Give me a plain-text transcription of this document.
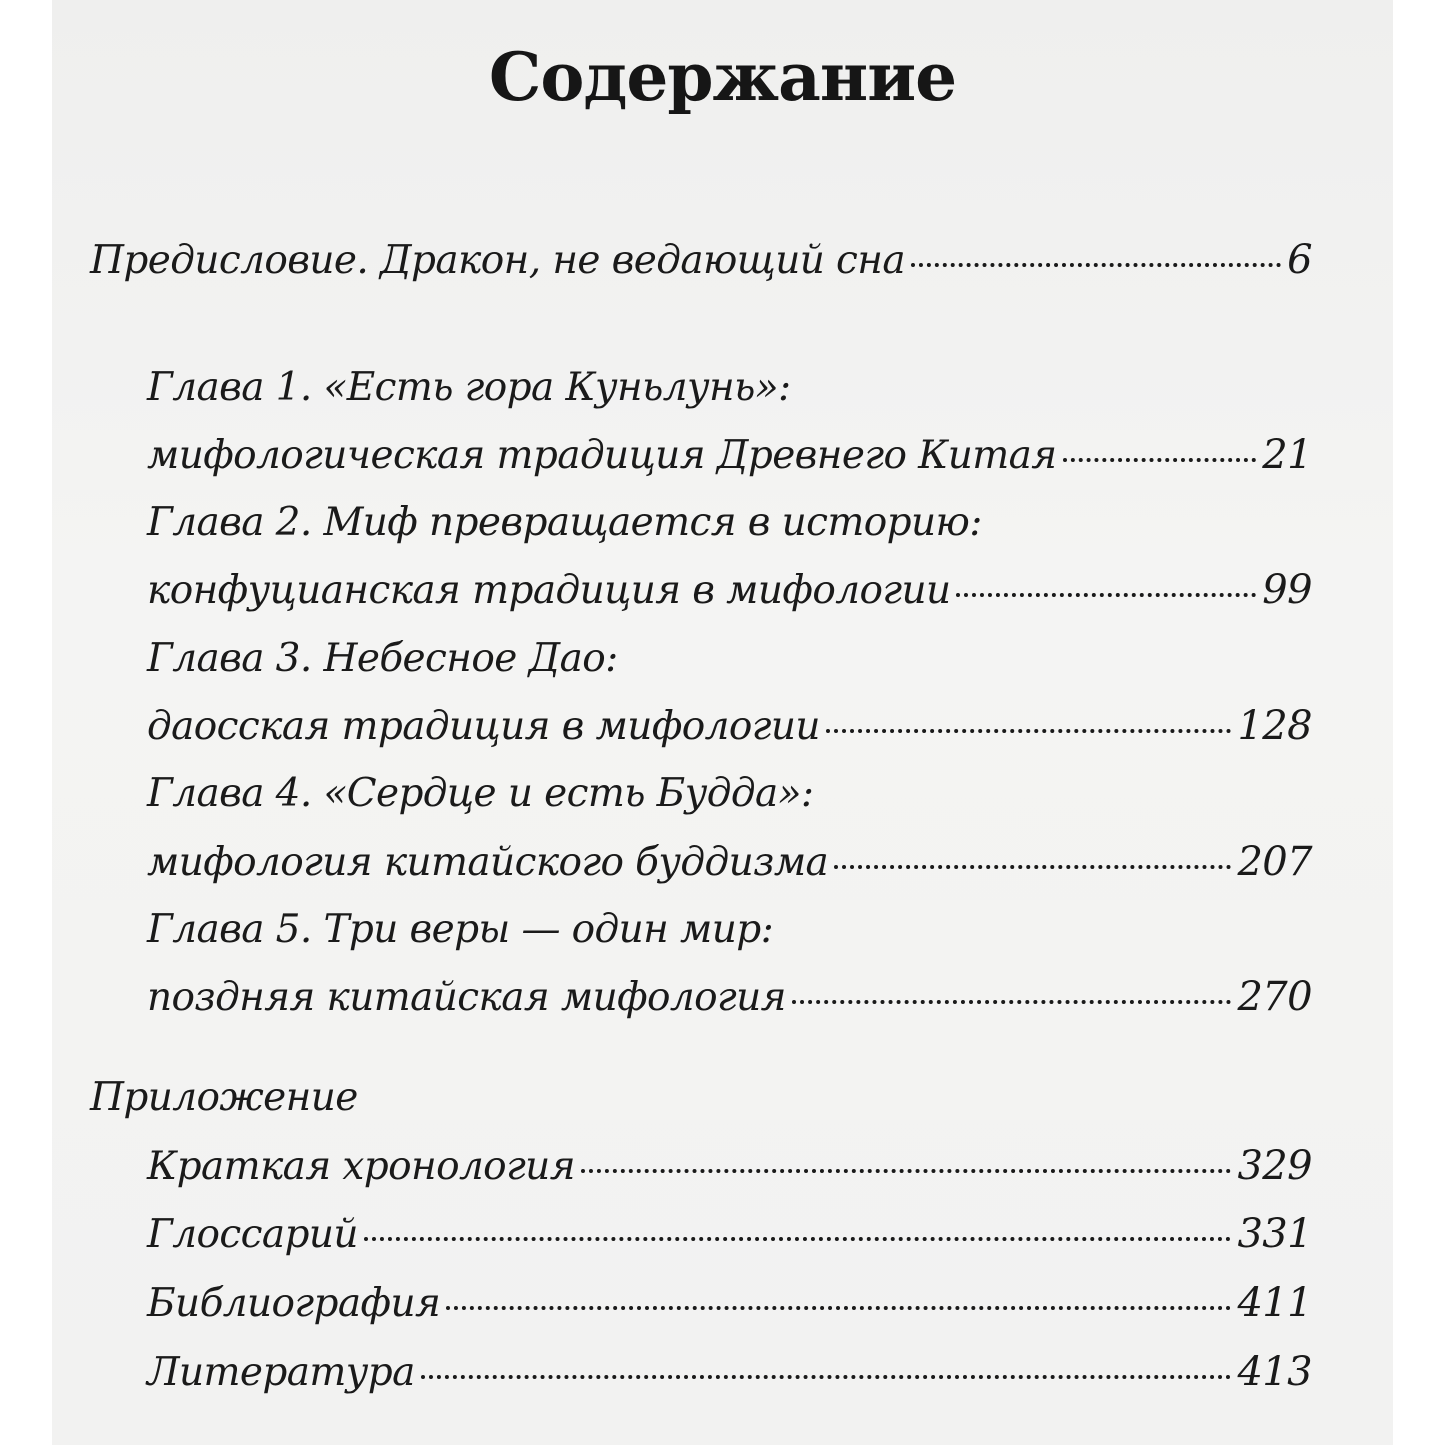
Содержание
Предисловие. Дракон, не ведающий сна	6
Глава 1. «Есть гора Куньлунь»:
мифологическая традиция Древнего Китая	21
Глава 2. Миф превращается в историю:
конфуцианская традиция в мифологии	99
Глава 3. Небесное Дао:
даосская традиция в мифологии	128
Глава 4. «Сердце и есть Будда»:
мифология китайского буддизма	207
Глава 5. Три веры — один мир:
поздняя китайская мифология	270
Приложение
Краткая хронология	329
Глоссарий	331
Библиография	411
Литература	413
